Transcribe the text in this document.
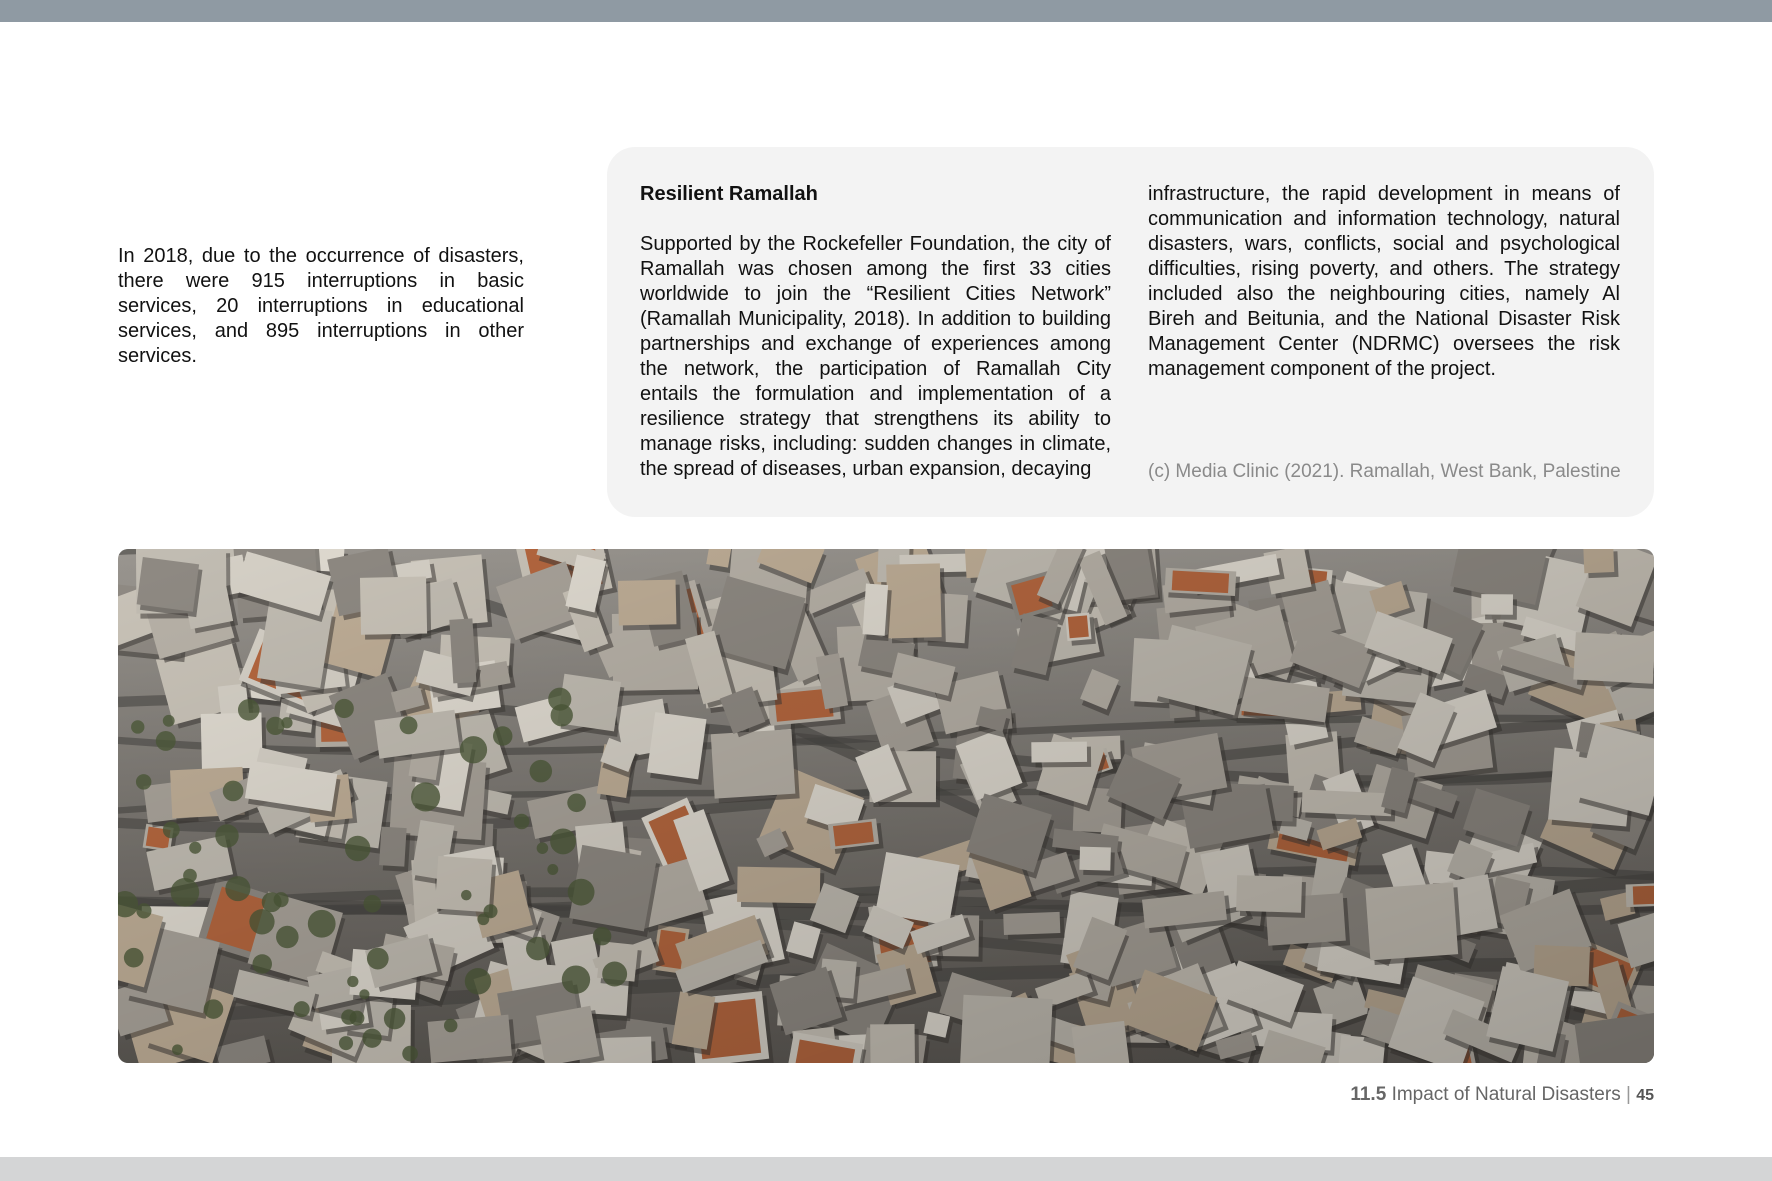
In 2018, due to the occurrence of disasters, there were 915 interruptions in basic services, 20 interruptions in educational services, and 895 interruptions in other services.

Resilient Ramallah

Supported by the Rockefeller Foundation, the city of Ramallah was chosen among the first 33 cities worldwide to join the “Resilient Cities Network” (Ramallah Municipality, 2018). In addition to building partnerships and exchange of experiences among the network, the participation of Ramallah City entails the formulation and implementation of a resilience strategy that strengthens its ability to manage risks, including: sudden changes in climate, the spread of diseases, urban expansion, decaying

infrastructure, the rapid development in means of communication and information technology, natural disasters, wars, conflicts, social and psychological difficulties, rising poverty, and others. The strategy included also the neighbouring cities, namely Al Bireh and Beitunia, and the National Disaster Risk Management Center (NDRMC) oversees the risk management component of the project.

(c) Media Clinic (2021). Ramallah, West Bank, Palestine

11.5 Impact of Natural Disasters | 45
